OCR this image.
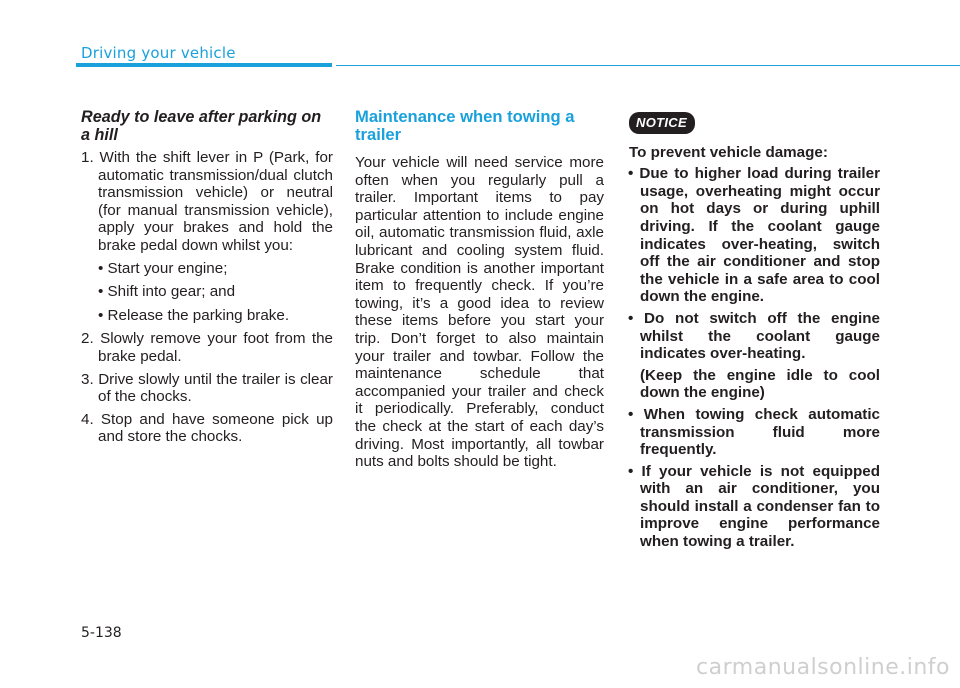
Driving your vehicle

Ready to leave after parking on a hill

1. With the shift lever in P (Park, for automatic transmission/dual clutch transmission vehicle) or neutral (for manual transmission vehicle), apply your brakes and hold the brake pedal down whilst you:

• Start your engine;
• Shift into gear; and
• Release the parking brake.

2. Slowly remove your foot from the brake pedal.

3. Drive slowly until the trailer is clear of the chocks.

4. Stop and have someone pick up and store the chocks.

Maintenance when towing a trailer

Your vehicle will need service more often when you regularly pull a trailer. Important items to pay particular attention to include engine oil, automatic transmission fluid, axle lubricant and cooling system fluid. Brake condition is another important item to frequently check. If you’re towing, it’s a good idea to review these items before you start your trip. Don’t forget to also maintain your trailer and towbar. Follow the maintenance schedule that accompanied your trailer and check it periodically. Preferably, conduct the check at the start of each day’s driving. Most importantly, all towbar nuts and bolts should be tight.

NOTICE

To prevent vehicle damage:

• Due to higher load during trailer usage, overheating might occur on hot days or during uphill driving. If the coolant gauge indicates over-heating, switch off the air conditioner and stop the vehicle in a safe area to cool down the engine.
• Do not switch off the engine whilst the coolant gauge indicates over-heating.

(Keep the engine idle to cool down the engine)

• When towing check automatic transmission fluid more frequently.
• If your vehicle is not equipped with an air conditioner, you should install a condenser fan to improve engine performance when towing a trailer.
5-138
carmanualsonline.info
